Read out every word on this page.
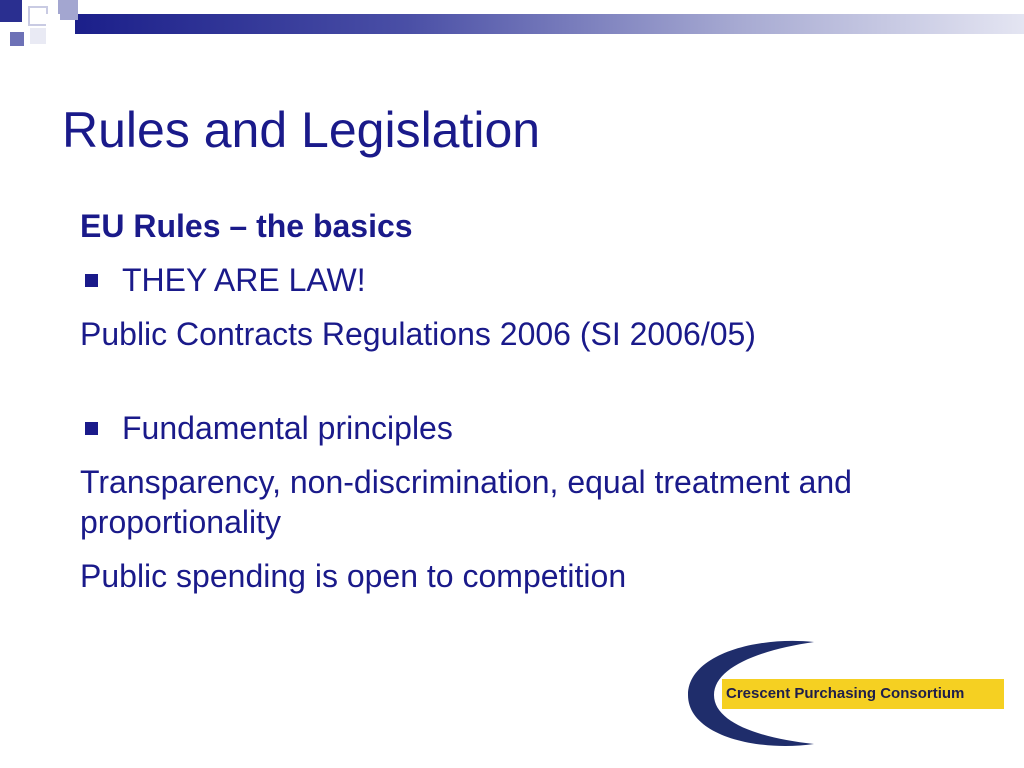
Rules and Legislation
EU Rules – the basics
THEY ARE LAW!
Public Contracts Regulations 2006 (SI 2006/05)
Fundamental principles
Transparency, non-discrimination, equal treatment and proportionality
Public spending is open to competition
Crescent Purchasing Consortium
